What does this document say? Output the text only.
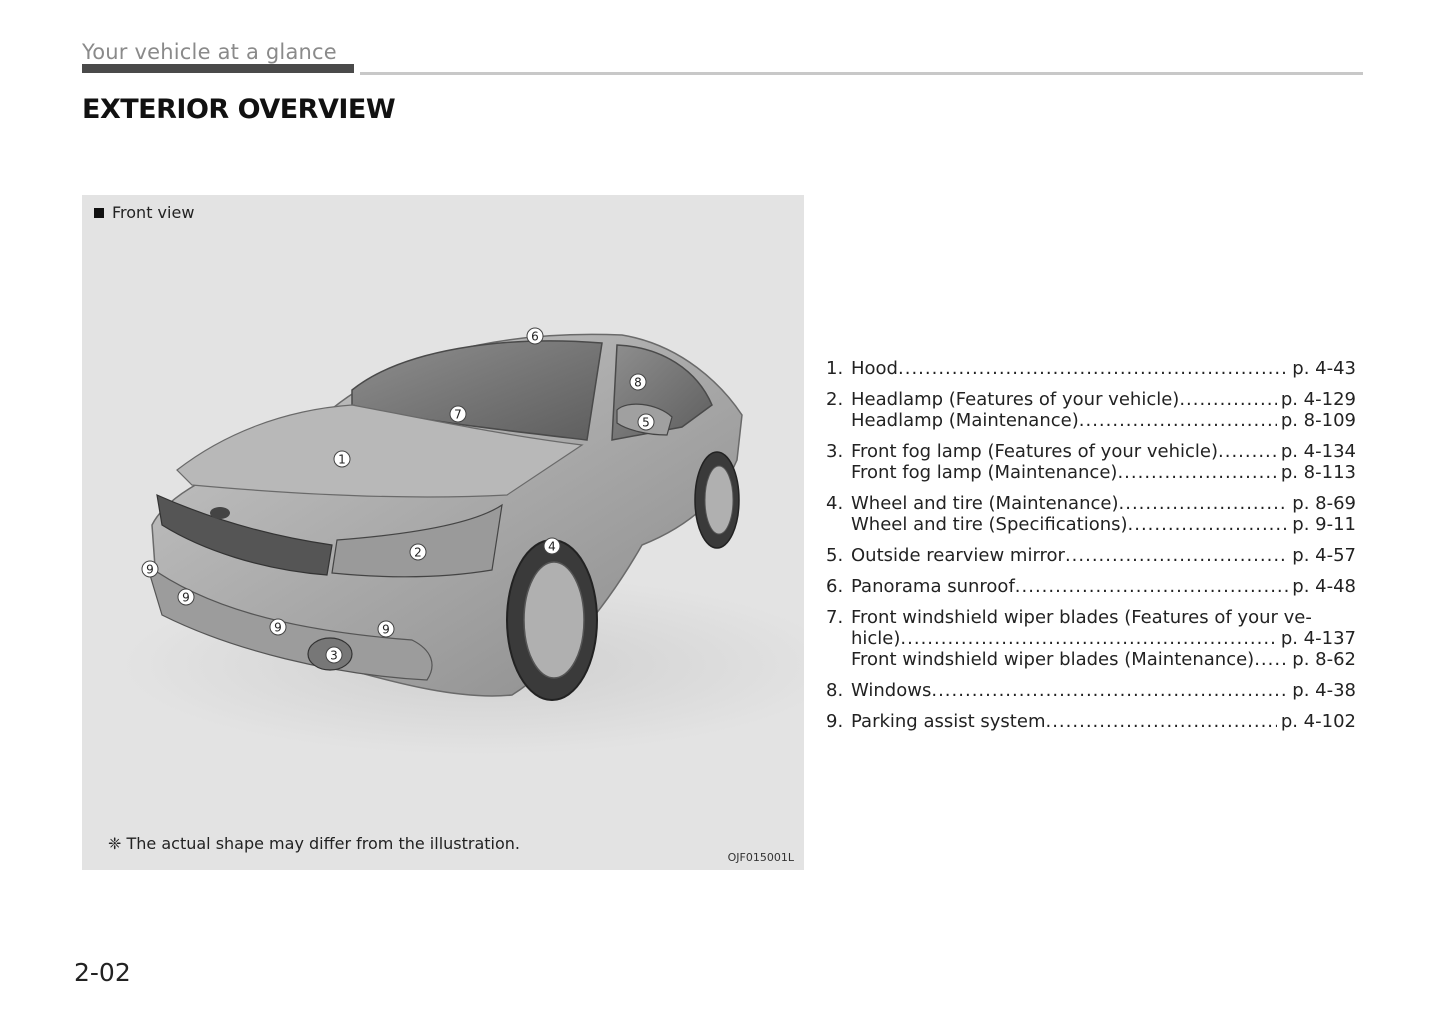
Your vehicle at a glance
EXTERIOR OVERVIEW
Front view
1
2
3
4
5
6
7
8
9
9
9	9
❈ The actual shape may differ from the illustration.
OJF015001L
1. Hood .....	p. 4-43
2. Headlamp (Features of your vehicle) .....	p. 4-129
Headlamp (Maintenance) .....	p. 8-109
3. Front fog lamp (Features of your vehicle) .....	p. 4-134
Front fog lamp (Maintenance) .....	p. 8-113
4. Wheel and tire (Maintenance) .....	p. 8-69
Wheel and tire (Specifications) .....	p. 9-11
5. Outside rearview mirror .....	p. 4-57
6. Panorama sunroof .....	p. 4-48
7. Front windshield wiper blades (Features of your ve-
hicle) .....	p. 4-137
Front windshield wiper blades (Maintenance) ..... p. 8-62
8. Windows .....	p. 4-38
9. Parking assist system .....	p. 4-102
2-02
